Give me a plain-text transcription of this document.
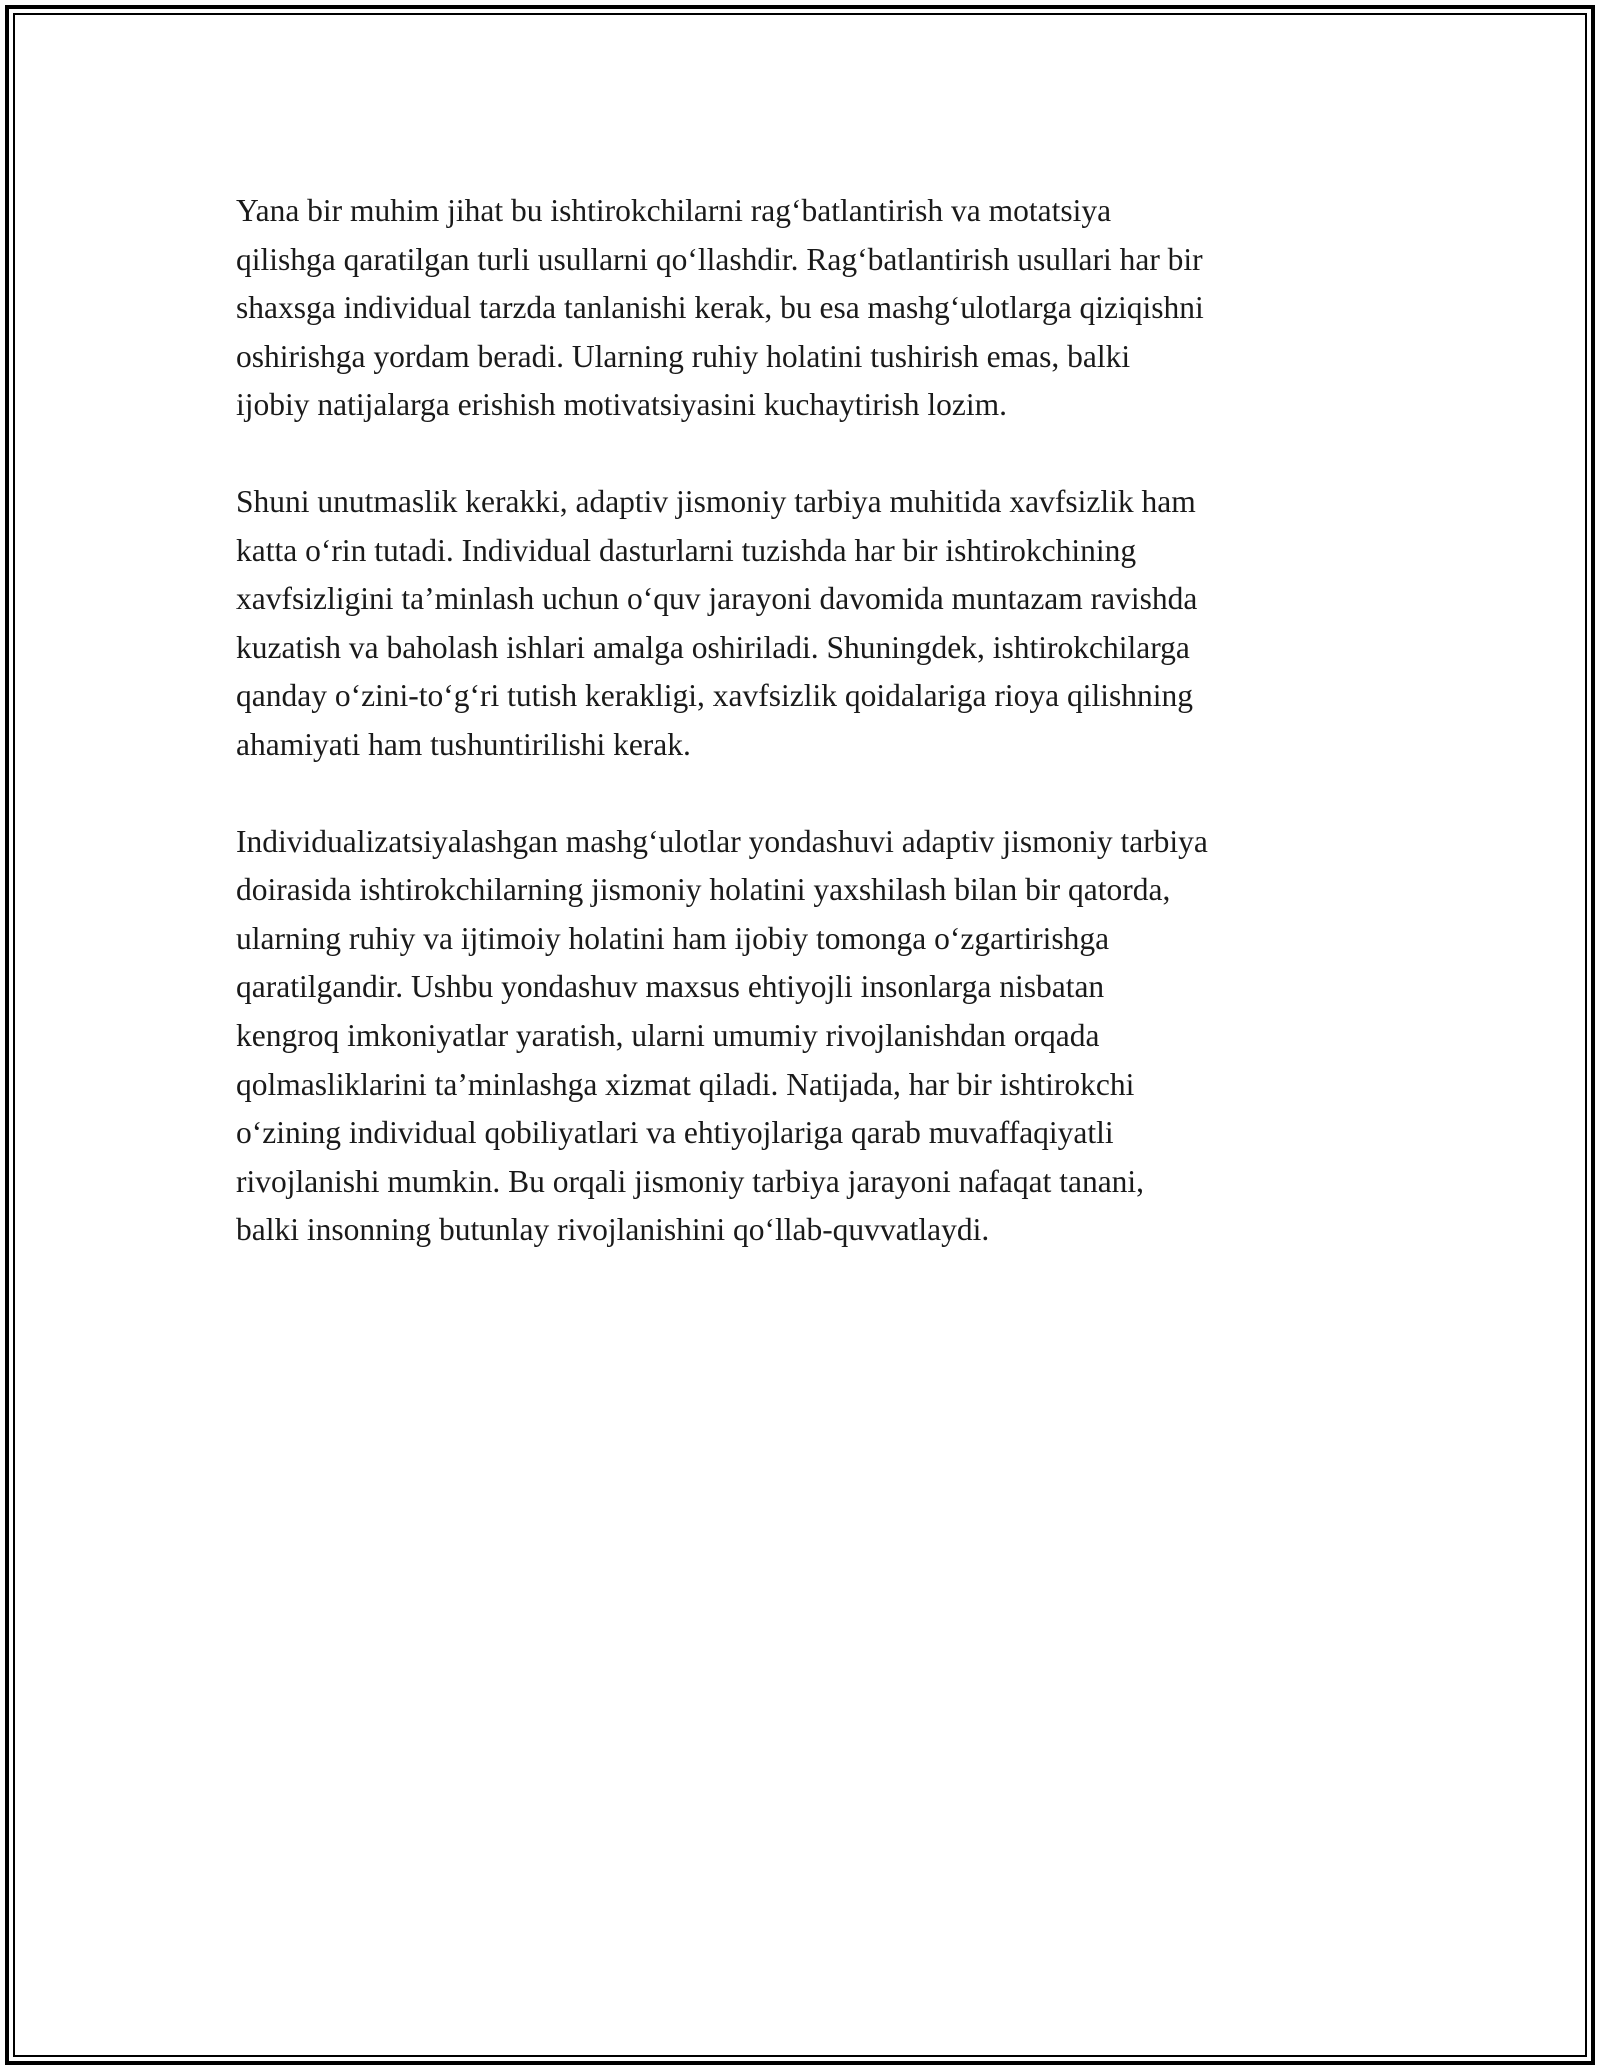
Yana bir muhim jihat bu ishtirokchilarni rag‘batlantirish va motatsiya
qilishga qaratilgan turli usullarni qo‘llashdir. Rag‘batlantirish usullari har bir
shaxsga individual tarzda tanlanishi kerak, bu esa mashg‘ulotlarga qiziqishni
oshirishga yordam beradi. Ularning ruhiy holatini tushirish emas, balki
ijobiy natijalarga erishish motivatsiyasini kuchaytirish lozim.

Shuni unutmaslik kerakki, adaptiv jismoniy tarbiya muhitida xavfsizlik ham
katta o‘rin tutadi. Individual dasturlarni tuzishda har bir ishtirokchining
xavfsizligini ta’minlash uchun o‘quv jarayoni davomida muntazam ravishda
kuzatish va baholash ishlari amalga oshiriladi. Shuningdek, ishtirokchilarga
qanday o‘zini-to‘g‘ri tutish kerakligi, xavfsizlik qoidalariga rioya qilishning
ahamiyati ham tushuntirilishi kerak.

Individualizatsiyalashgan mashg‘ulotlar yondashuvi adaptiv jismoniy tarbiya
doirasida ishtirokchilarning jismoniy holatini yaxshilash bilan bir qatorda,
ularning ruhiy va ijtimoiy holatini ham ijobiy tomonga o‘zgartirishga
qaratilgandir. Ushbu yondashuv maxsus ehtiyojli insonlarga nisbatan
kengroq imkoniyatlar yaratish, ularni umumiy rivojlanishdan orqada
qolmasliklarini ta’minlashga xizmat qiladi. Natijada, har bir ishtirokchi
o‘zining individual qobiliyatlari va ehtiyojlariga qarab muvaffaqiyatli
rivojlanishi mumkin. Bu orqali jismoniy tarbiya jarayoni nafaqat tanani,
balki insonning butunlay rivojlanishini qo‘llab-quvvatlaydi.
